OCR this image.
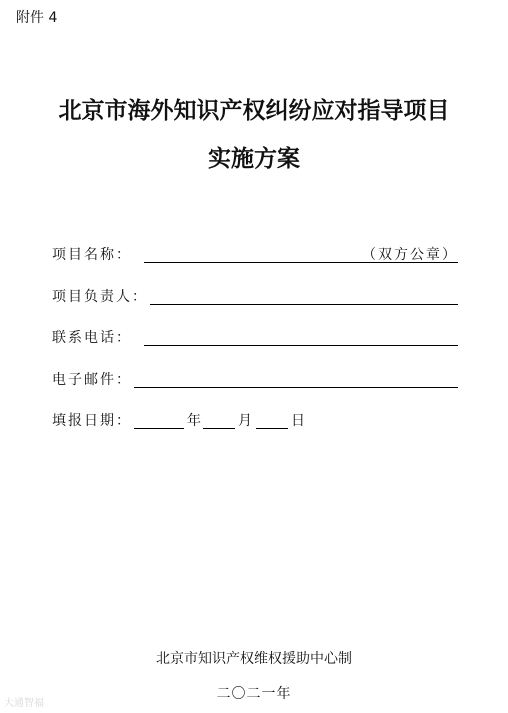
附件 4
北京市海外知识产权纠纷应对指导项目
实施方案
项目名称：	（双方公章）
项目负责人：
联系电话：
电子邮件：
填报日期：	年	月	日
北京市知识产权维权援助中心制
二〇二一年
大通智福
